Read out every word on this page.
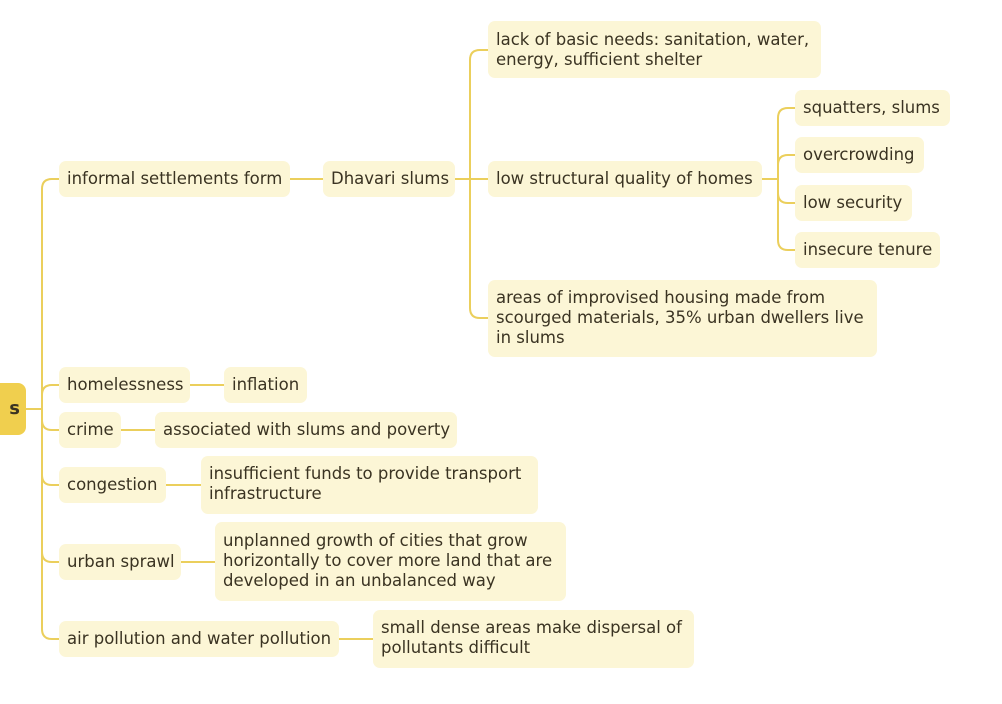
s
informal settlements form	Dhavari slums
lack of basic needs: sanitation, water, energy, sufficient shelter
low structural quality of homes
squatters, slums
overcrowding
low security
insecure tenure
areas of improvised housing made from scourged materials, 35% urban dwellers live in slums
homelessness	inflation
crime	associated with slums and poverty
congestion
insufficient funds to provide transport infrastructure
urban sprawl
unplanned growth of cities that grow horizontally to cover more land that are developed in an unbalanced way
air pollution and water pollution
small dense areas make dispersal of pollutants difficult
